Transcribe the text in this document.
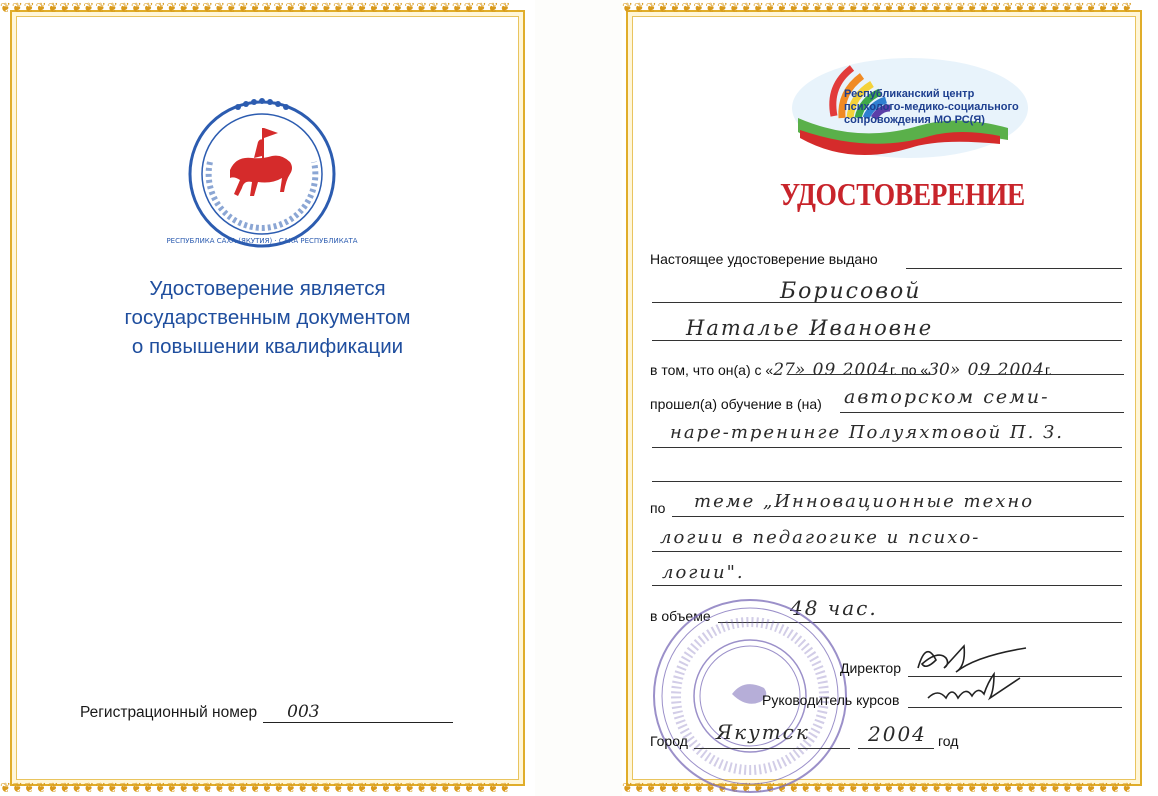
❦❦❦❦❦❦❦❦❦❦❦❦❦❦❦❦❦❦❦❦❦❦❦❦❦❦❦❦❦❦❦❦❦❦❦❦❦❦❦❦❦❦❦
❦❦❦❦❦❦❦❦❦❦❦❦❦❦❦❦❦❦❦❦❦❦❦❦❦❦❦❦❦❦❦❦❦❦❦❦❦❦❦❦❦❦❦
РЕСПУБЛИКА САХА (ЯКУТИЯ) · САХА РЕСПУБЛИКАТА
Удостоверение является
государственным документом
о повышении квалификации
Регистрационный номер 003
❦❦❦❦❦❦❦❦❦❦❦❦❦❦❦❦❦❦❦❦❦❦❦❦❦❦❦❦❦❦❦❦❦❦❦❦❦❦❦❦❦❦❦
❦❦❦❦❦❦❦❦❦❦❦❦❦❦❦❦❦❦❦❦❦❦❦❦❦❦❦❦❦❦❦❦❦❦❦❦❦❦❦❦❦❦❦
Республиканский центр
психолого-медико-социального
сопровождения МО РС(Я)
УДОСТОВЕРЕНИЕ
Настоящее удостоверение выдано
Борисовой
Наталье Ивановне
в том, что он(а) с «27» 09 2004г. по «30» 09 2004г.
прошел(а) обучение в (на) авторском семи-
наре-тренинге Полуяхтовой П. З.
по теме „Инновационные техно
логии в педагогике и психо-
логии".
в объеме	48 час.
Директор
Руководитель курсов
Город Якутск	2004 год
